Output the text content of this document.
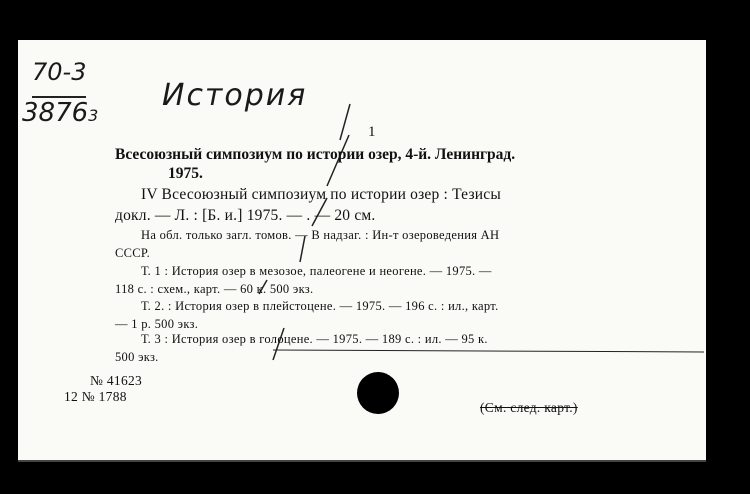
70-3
38763
История
1
Всесоюзный симпозиум по истории озер, 4-й. Ленинград.
1975.
IV Всесоюзный симпозиум по истории озер : Тезисы
докл. — Л. : [Б. и.] 1975. — . — 20 см.
На обл. только загл. томов. — В надзаг. : Ин-т озероведения АН
СССР.
Т. 1 : История озер в мезозое, палеогене и неогене. — 1975. —
118 с. : схем., карт. — 60 к. 500 экз.
Т. 2. : История озер в плейстоцене. — 1975. — 196 с. : ил., карт.
— 1 р. 500 экз.
Т. 3 : История озер в голоцене. — 1975. — 189 с. : ил. — 95 к.
500 экз.
№ 41623
12 № 1788
(См. след. карт.)
